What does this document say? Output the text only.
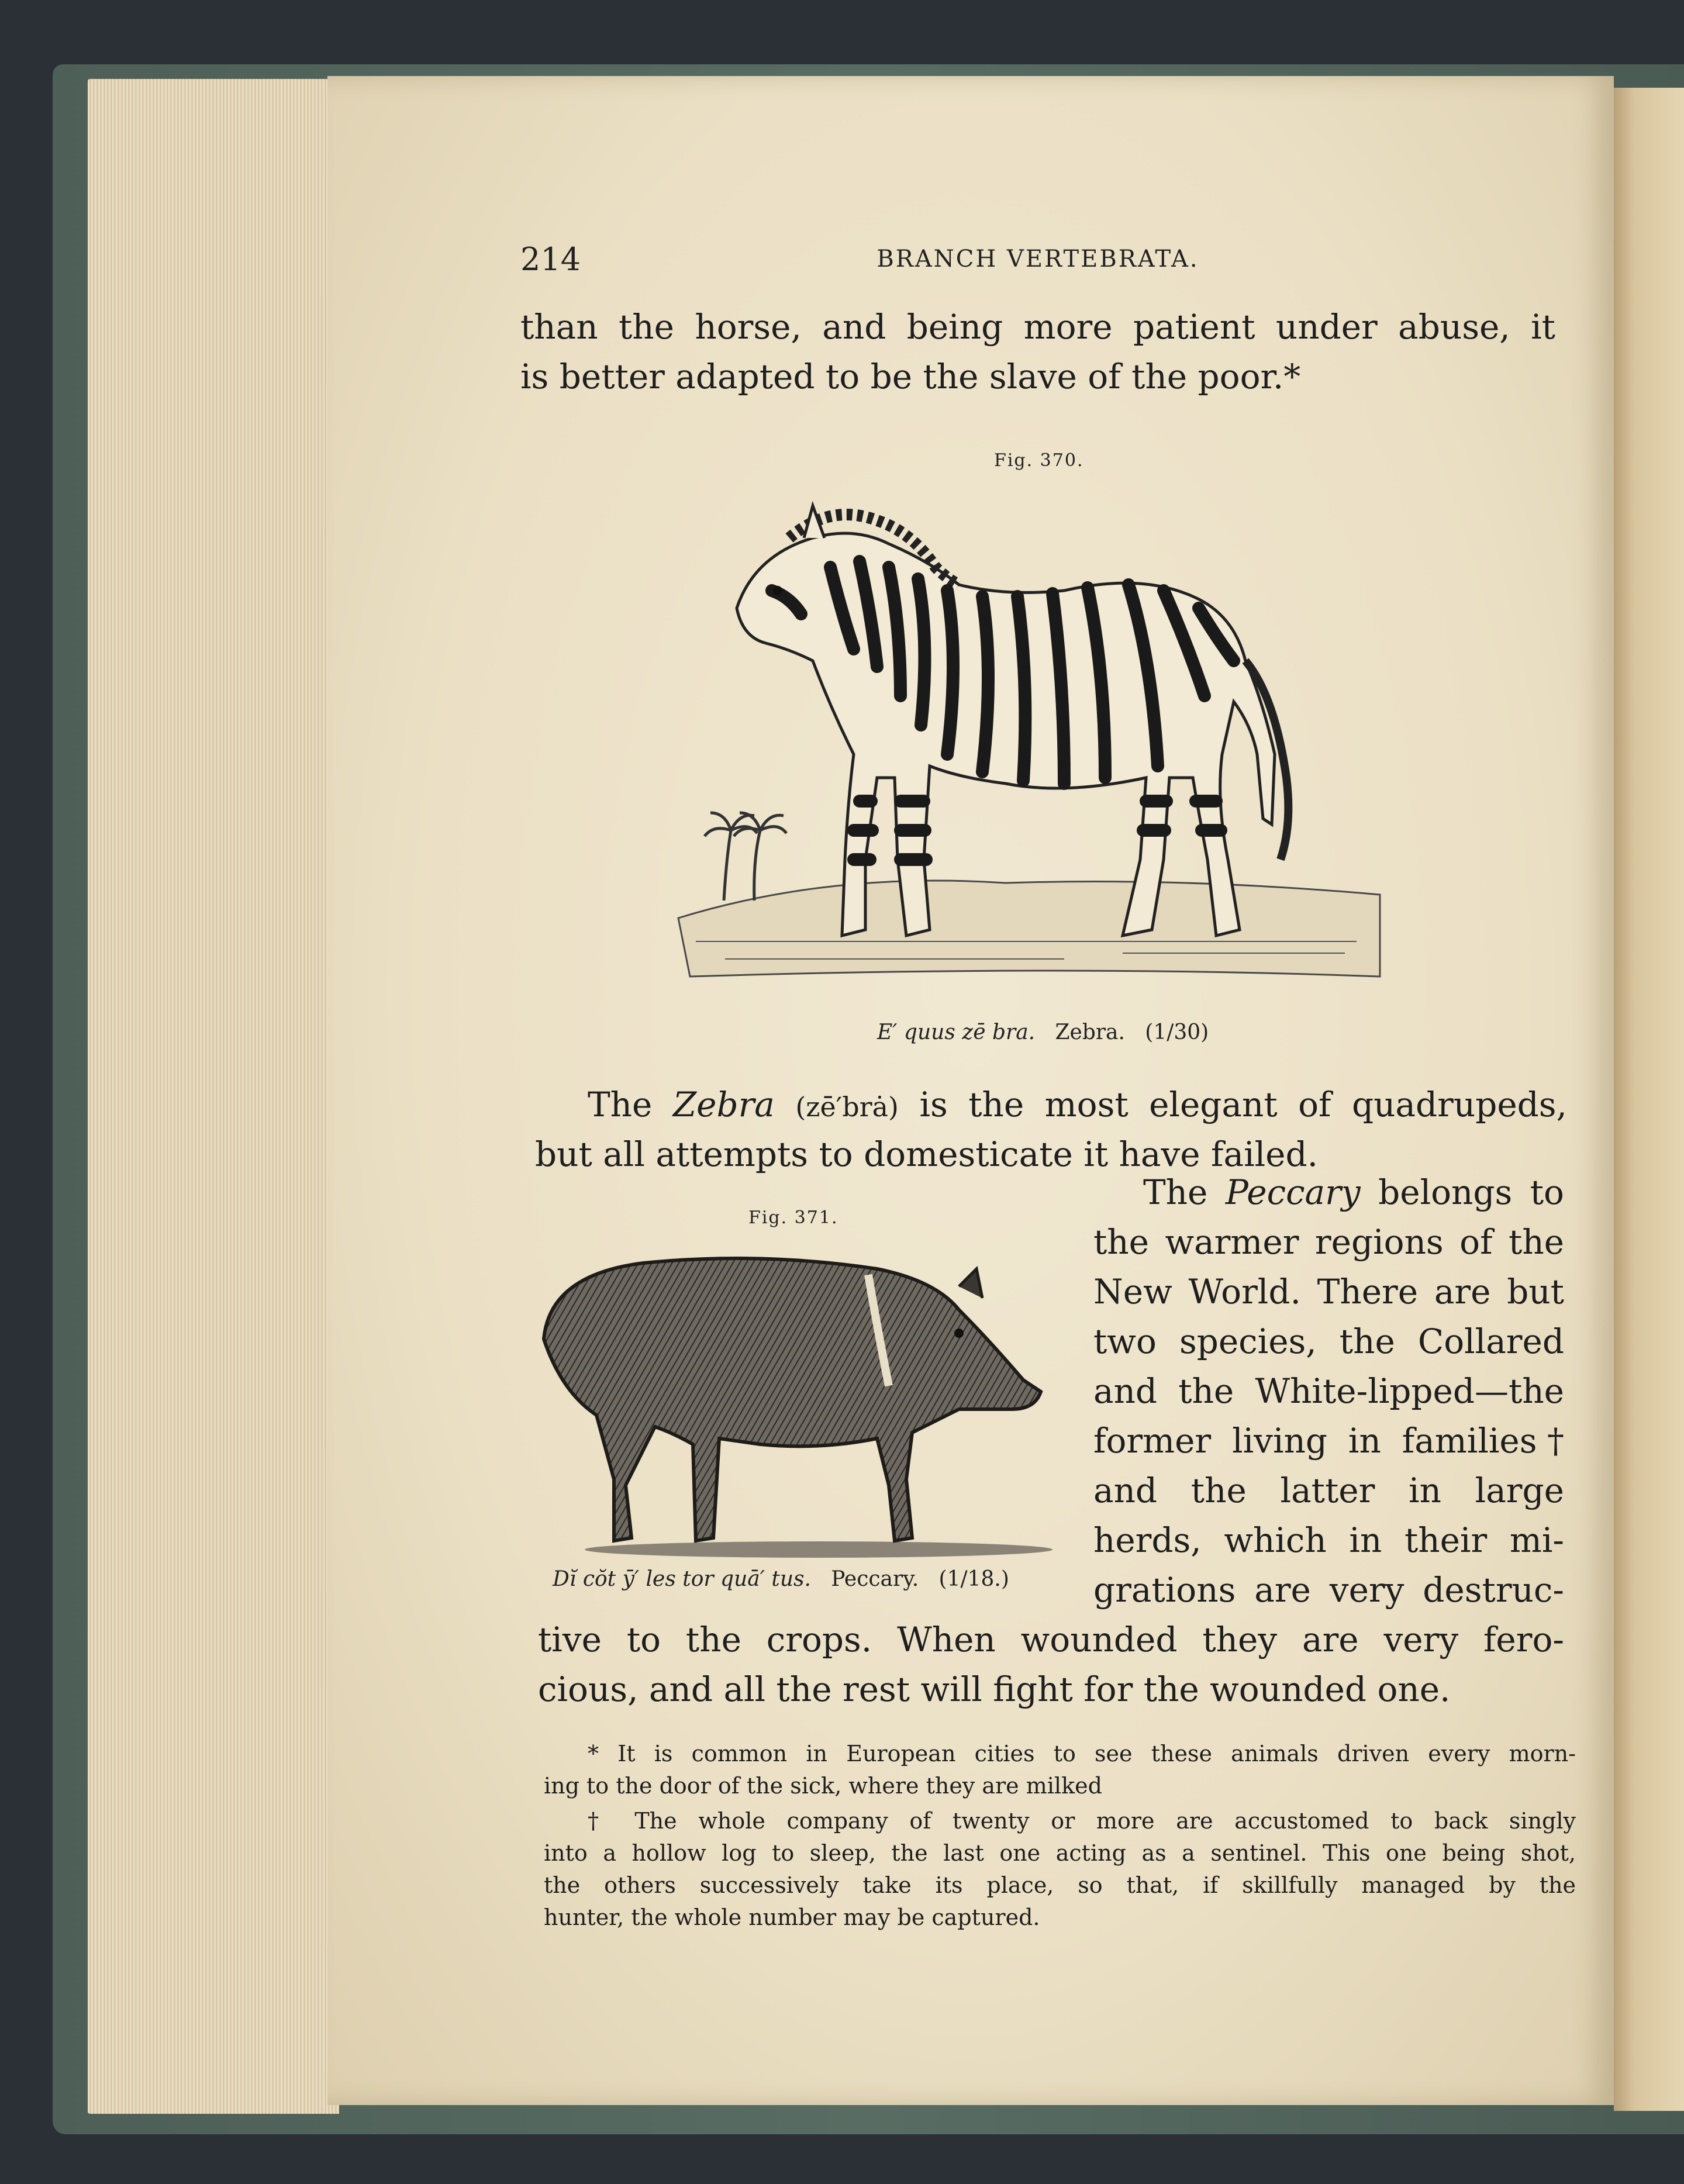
214	BRANCH VERTEBRATA.
than the horse, and being more patient under abuse, it
is better adapted to be the slave of the poor.*
Fig. 370.
E′ quus zē bra. Zebra. (1/30)
The Zebra (zē′brȧ) is the most elegant of quadrupeds,
but all attempts to domesticate it have failed.
Fig. 371.
Dĭ cŏt ȳ′ les tor quā′ tus. Peccary. (1/18.)
The Peccary belongs to
the warmer regions of the
New World. There are but
two species, the Collared
and the White-lipped—the
former living in families†
and the latter in large
herds, which in their mi-
grations are very destruc-
tive to the crops. When wounded they are very fero-
cious, and all the rest will fight for the wounded one.
* It is common in European cities to see these animals driven every morn-
ing to the door of the sick, where they are milked
† The whole company of twenty or more are accustomed to back singly
into a hollow log to sleep, the last one acting as a sentinel. This one being shot,
the others successively take its place, so that, if skillfully managed by the
hunter, the whole number may be captured.
